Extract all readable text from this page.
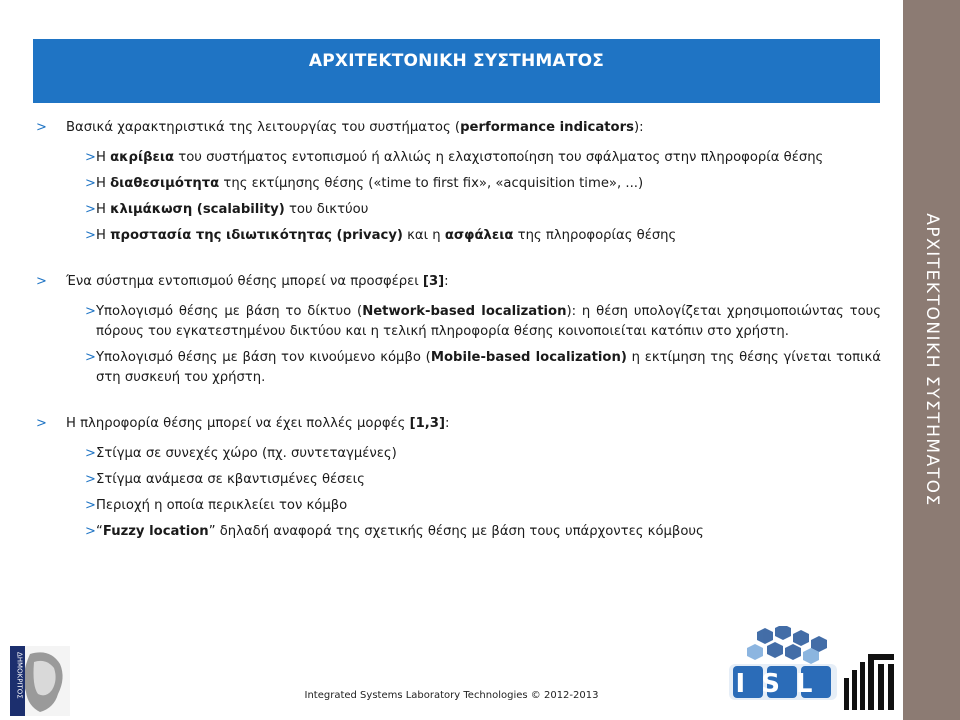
ΑΡΧΙΤΕΚΤΟΝΙΚΗ ΣΥΣΤΗΜΑΤΟΣ
ΑΡΧΙΤΕΚΤΟΝΙΚΗ ΣΥΣΤΗΜΑΤΟΣ
> Βασικά χαρακτηριστικά της λειτουργίας του συστήματος (performance indicators):
> Η ακρίβεια του συστήματος εντοπισμού ή αλλιώς η ελαχιστοποίηση του σφάλματος στην πληροφορία θέσης
> Η διαθεσιμότητα της εκτίμησης θέσης («time to first fix», «acquisition time», ...)
> Η κλιμάκωση (scalability) του δικτύου
> Η προστασία της ιδιωτικότητας (privacy) και η ασφάλεια της πληροφορίας θέσης
> Ένα σύστημα εντοπισμού θέσης μπορεί να προσφέρει [3]:
> Υπολογισμό θέσης με βάση το δίκτυο (Network-based localization): η θέση υπολογίζεται χρησιμοποιώντας τους πόρους του εγκατεστημένου δικτύου και η τελική πληροφορία θέσης κοινοποιείται κατόπιν στο χρήστη.
> Υπολογισμό θέσης με βάση τον κινούμενο κόμβο (Mobile-based localization) η εκτίμηση της θέσης γίνεται τοπικά στη συσκευή του χρήστη.
> Η πληροφορία θέσης μπορεί να έχει πολλές μορφές [1,3]:
> Στίγμα σε συνεχές χώρο (πχ. συντεταγμένες)
> Στίγμα ανάμεσα σε κβαντισμένες θέσεις
> Περιοχή η οποία περικλείει τον κόμβο
> “Fuzzy location” δηλαδή αναφορά της σχετικής θέσης με βάση τους υπάρχοντες κόμβους
ΔΗΜΟΚΡΙΤΟΣ	ISL
Integrated Systems Laboratory Technologies © 2012-2013
